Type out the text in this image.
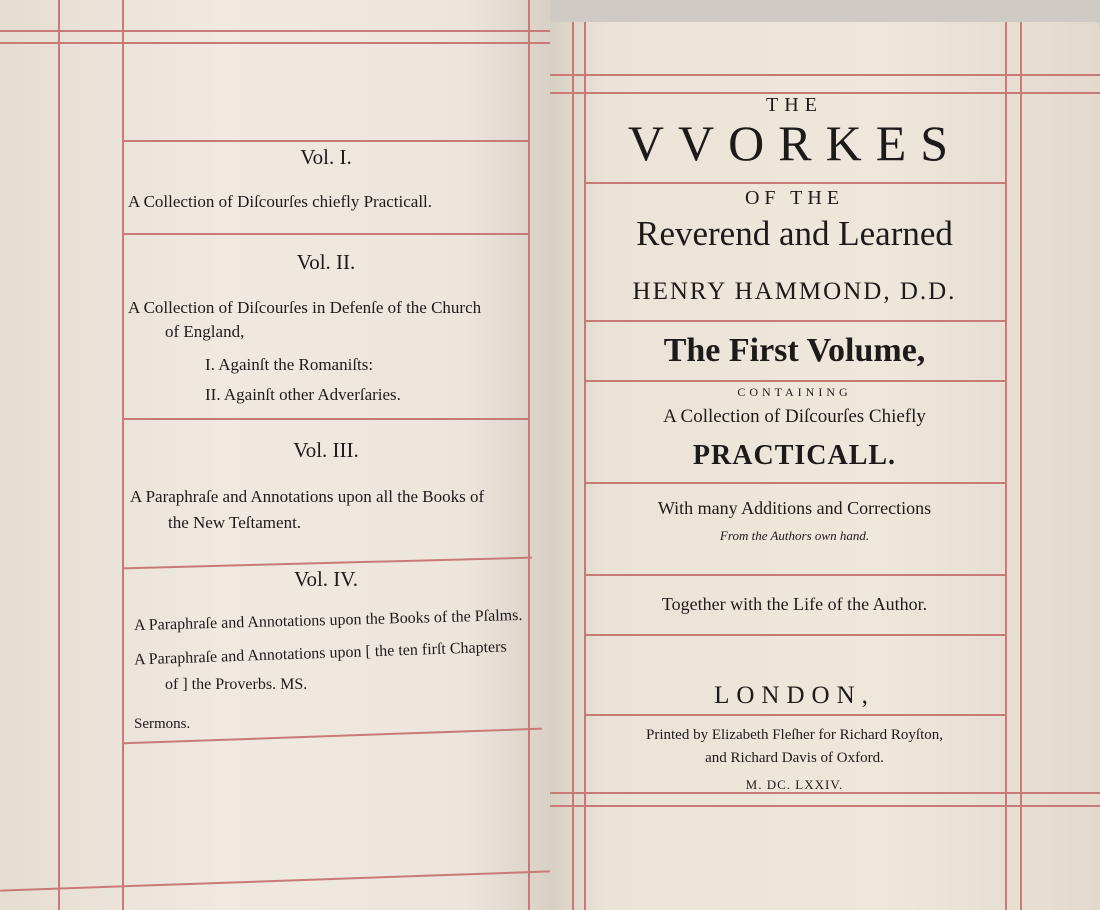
Vol. I.
A Collection of Diſcourſes chiefly Practicall.
Vol. II.
A Collection of Diſcourſes in Defenſe of the Church
of England,
I. Againſt the Romaniſts:
II. Againſt other Adverſaries.
Vol. III.
A Paraphraſe and Annotations upon all the Books of
the New Teſtament.
Vol. IV.
A Paraphraſe and Annotations upon the Books of the Pſalms.
A Paraphraſe and Annotations upon [ the ten firſt Chapters
of ] the Proverbs. MS.
Sermons.
THE
VVORKES
OF THE
Reverend and Learned
HENRY HAMMOND, D.D.
The First Volume,
CONTAINING
A Collection of Diſcourſes Chiefly
PRACTICALL.
With many Additions and Corrections
From the Authors own hand.
Together with the Life of the Author.
LONDON,
Printed by Elizabeth Fleſher for Richard Royſton,
and Richard Davis of Oxford.
M. DC. LXXIV.
